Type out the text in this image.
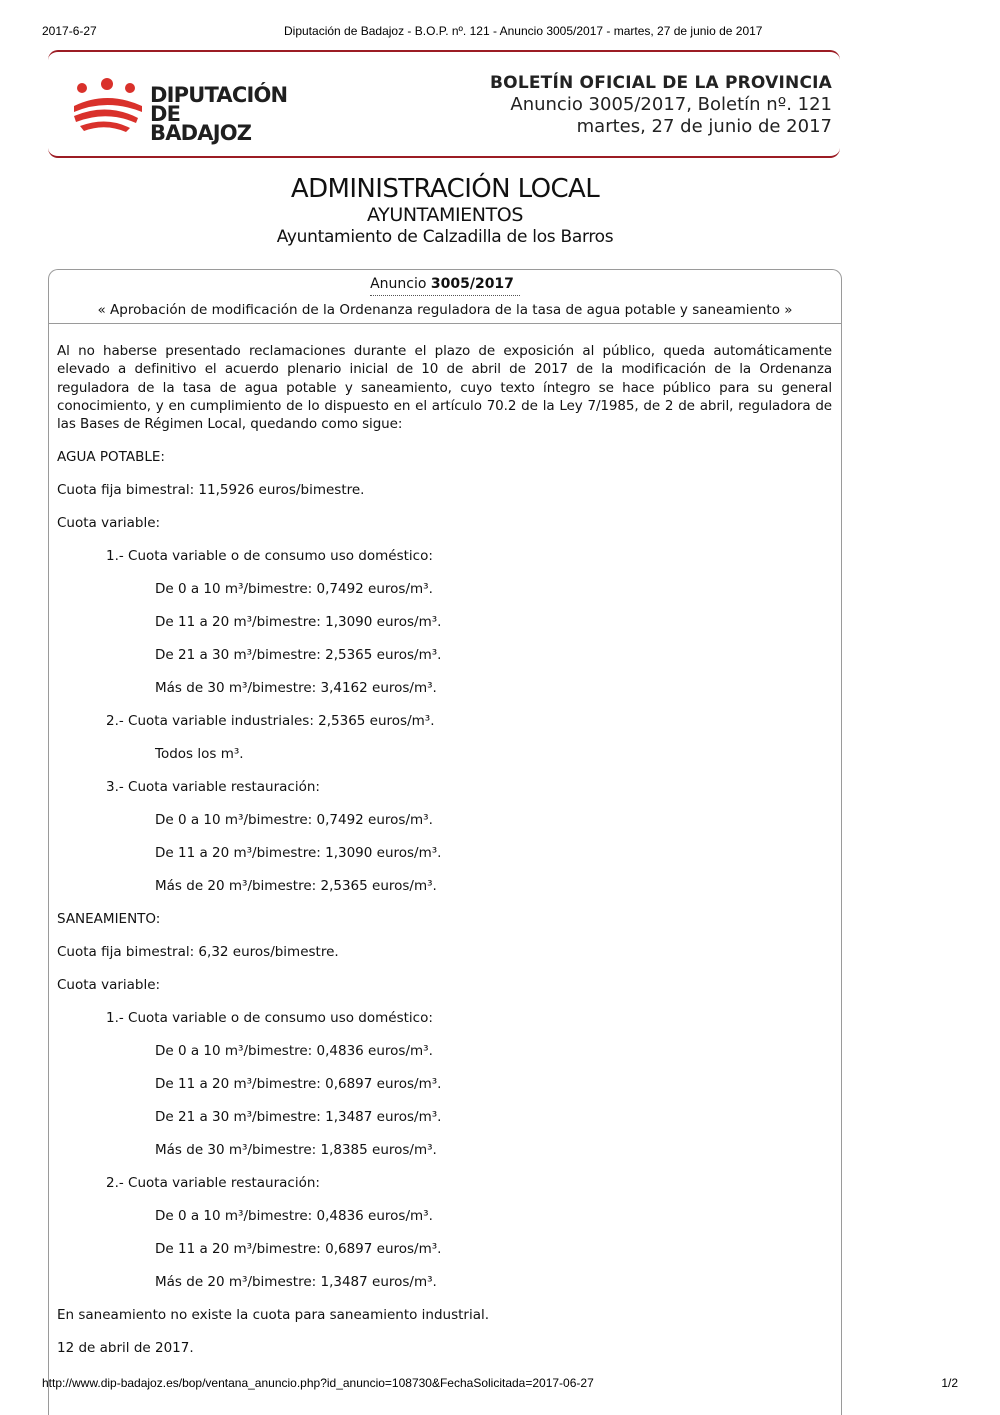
2017-6-27	Diputación de Badajoz - B.O.P. nº. 121 - Anuncio 3005/2017 - martes, 27 de junio de 2017
DIPUTACIÓN
DE BADAJOZ
BOLETÍN OFICIAL DE LA PROVINCIA
Anuncio 3005/2017, Boletín nº. 121
martes, 27 de junio de 2017
ADMINISTRACIÓN LOCAL
AYUNTAMIENTOS
Ayuntamiento de Calzadilla de los Barros
Anuncio 3005/2017
« Aprobación de modificación de la Ordenanza reguladora de la tasa de agua potable y saneamiento »

Al no haberse presentado reclamaciones durante el plazo de exposición al público, queda automáticamente elevado a definitivo el acuerdo plenario inicial de 10 de abril de 2017 de la modificación de la Ordenanza reguladora de la tasa de agua potable y saneamiento, cuyo texto íntegro se hace público para su general conocimiento, y en cumplimiento de lo dispuesto en el artículo 70.2 de la Ley 7/1985, de 2 de abril, reguladora de las Bases de Régimen Local, quedando como sigue:

AGUA POTABLE:

Cuota fija bimestral: 11,5926 euros/bimestre.

Cuota variable:

1.- Cuota variable o de consumo uso doméstico:

De 0 a 10 m³/bimestre: 0,7492 euros/m³.

De 11 a 20 m³/bimestre: 1,3090 euros/m³.

De 21 a 30 m³/bimestre: 2,5365 euros/m³.

Más de 30 m³/bimestre: 3,4162 euros/m³.

2.- Cuota variable industriales: 2,5365 euros/m³.

Todos los m³.

3.- Cuota variable restauración:

De 0 a 10 m³/bimestre: 0,7492 euros/m³.

De 11 a 20 m³/bimestre: 1,3090 euros/m³.

Más de 20 m³/bimestre: 2,5365 euros/m³.

SANEAMIENTO:

Cuota fija bimestral: 6,32 euros/bimestre.

Cuota variable:

1.- Cuota variable o de consumo uso doméstico:

De 0 a 10 m³/bimestre: 0,4836 euros/m³.

De 11 a 20 m³/bimestre: 0,6897 euros/m³.

De 21 a 30 m³/bimestre: 1,3487 euros/m³.

Más de 30 m³/bimestre: 1,8385 euros/m³.

2.- Cuota variable restauración:

De 0 a 10 m³/bimestre: 0,4836 euros/m³.

De 11 a 20 m³/bimestre: 0,6897 euros/m³.

Más de 20 m³/bimestre: 1,3487 euros/m³.

En saneamiento no existe la cuota para saneamiento industrial.

12 de abril de 2017.

http://www.dip-badajoz.es/bop/ventana_anuncio.php?id_anuncio=108730&FechaSolicitada=2017-06-27	1/2
